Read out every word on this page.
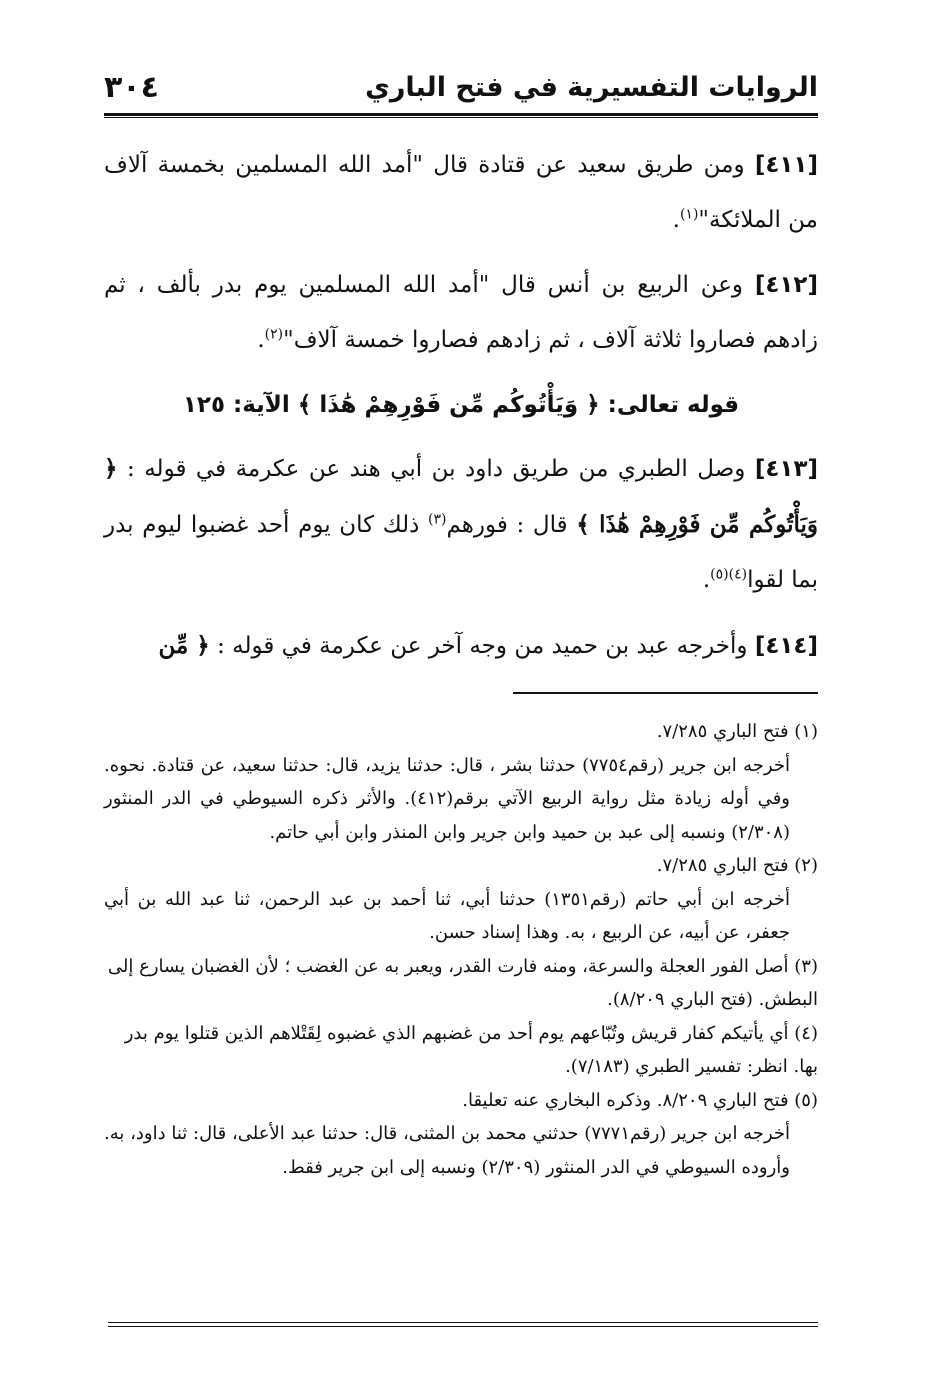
الروايات التفسيرية في فتح الباري
٣٠٤

[٤١١] ومن طريق سعيد عن قتادة قال "أمد الله المسلمين بخمسة آلاف من الملائكة"$^{(١)}$.

[٤١٢] وعن الربيع بن أنس قال "أمد الله المسلمين يوم بدر بألف ، ثم زادهم فصاروا ثلاثة آلاف ، ثم زادهم فصاروا خمسة آلاف"$^{(٢)}$.

قوله تعالى: ﴿ وَيَأْتُوكُم مِّن فَوْرِهِمْ هَٰذَا ﴾ الآية: ١٢٥

[٤١٣] وصل الطبري من طريق داود بن أبي هند عن عكرمة في قوله : ﴿ وَيَأْتُوكُم مِّن فَوْرِهِمْ هَٰذَا ﴾ قال : فورهم$^{(٣)}$ ذلك كان يوم أحد غضبوا ليوم بدر بما لقوا$^{(٤)(٥)}$.

[٤١٤] وأخرجه عبد بن حميد من وجه آخر عن عكرمة في قوله : ﴿ مِّن

(١) فتح الباري ٧/٢٨٥.

أخرجه ابن جرير (رقم٧٧٥٤) حدثنا بشر ، قال: حدثنا يزيد، قال: حدثنا سعيد، عن قتادة. نحوه. وفي أوله زيادة مثل رواية الربيع الآتي برقم(٤١٢). والأثر ذكره السيوطي في الدر المنثور (٢/٣٠٨) ونسبه إلى عبد بن حميد وابن جرير وابن المنذر وابن أبي حاتم.

(٢) فتح الباري ٧/٢٨٥.

أخرجه ابن أبي حاتم (رقم١٣٥١) حدثنا أبي، ثنا أحمد بن عبد الرحمن، ثنا عبد الله بن أبي جعفر، عن أبيه، عن الربيع ، به. وهذا إسناد حسن.

(٣) أصل الفور العجلة والسرعة، ومنه فارت القدر، ويعبر به عن الغضب ؛ لأن الغضبان يسارع إلى البطش. (فتح الباري ٨/٢٠٩).

(٤) أي يأتيكم كفار قريش وتُبّاعهم يوم أحد من غضبهم الذي غضبوه لِقَتْلاهم الذين قتلوا يوم بدر بها. انظر: تفسير الطبري (٧/١٨٣).

(٥) فتح الباري ٨/٢٠٩. وذكره البخاري عنه تعليقا.

أخرجه ابن جرير (رقم٧٧٧١) حدثني محمد بن المثنى، قال: حدثنا عبد الأعلى، قال: ثنا داود، به. وأروده السيوطي في الدر المنثور (٢/٣٠٩) ونسبه إلى ابن جرير فقط.
